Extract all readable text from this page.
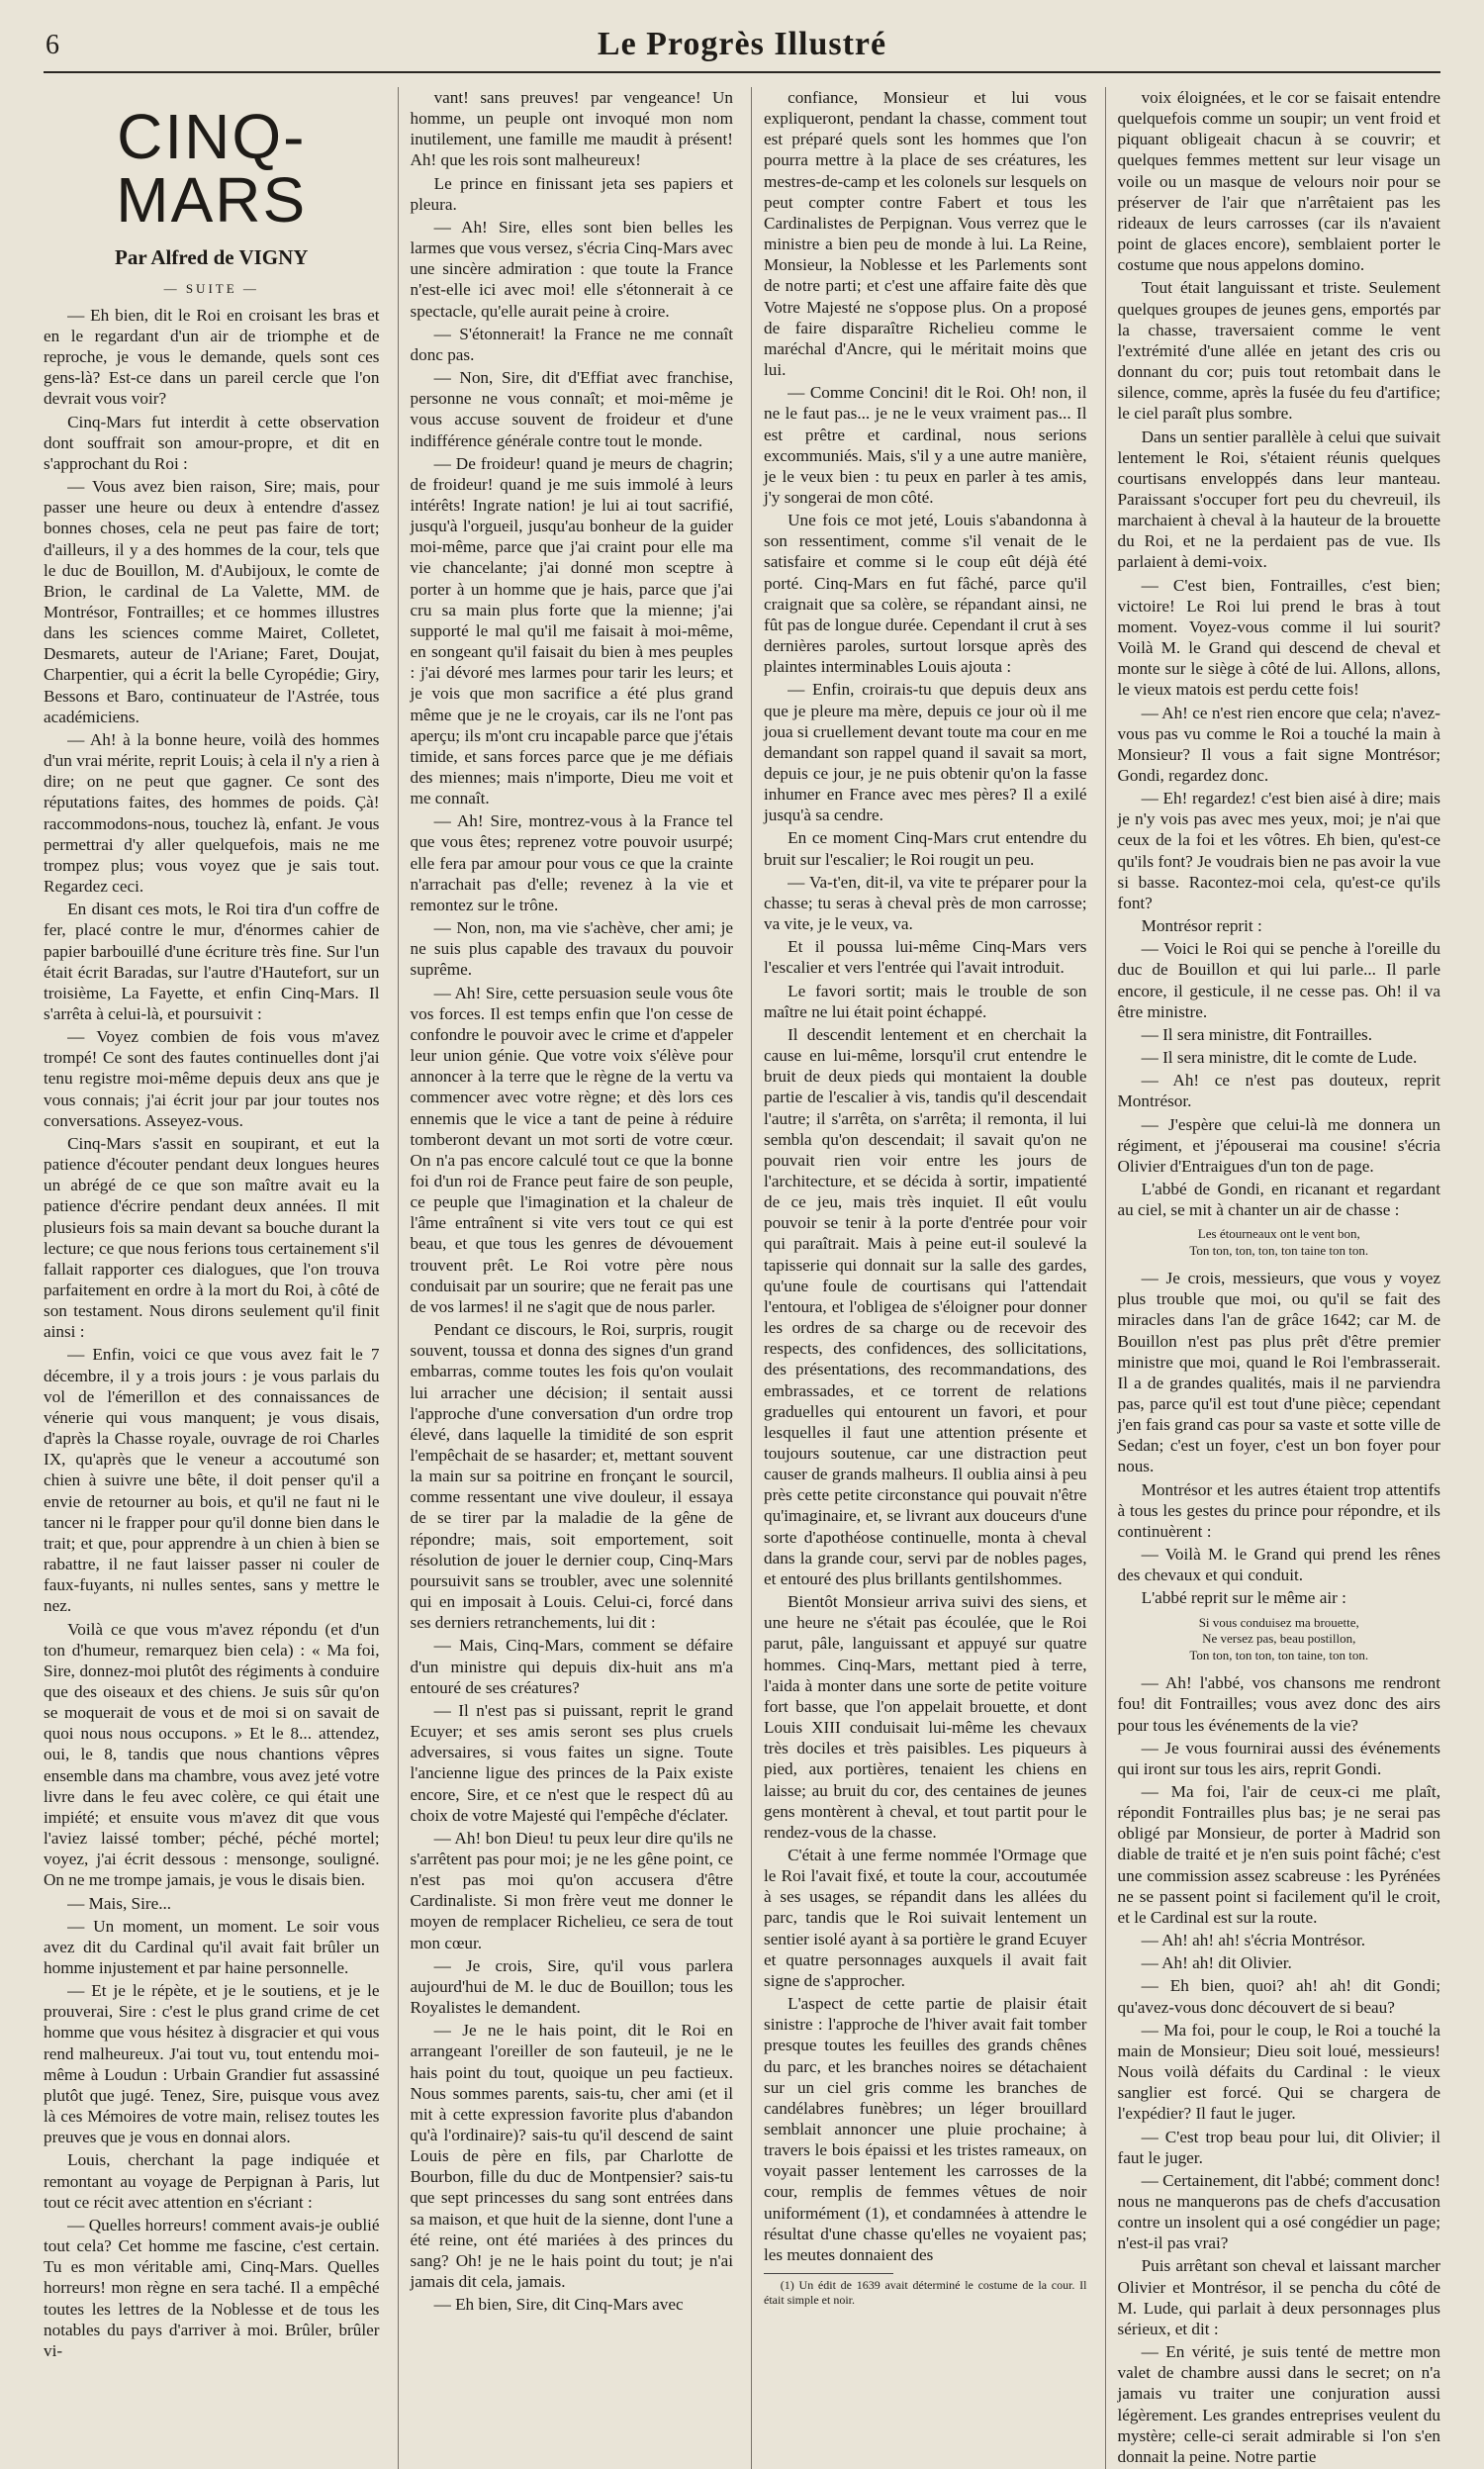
6	Le Progrès Illustré
CINQ-MARS
Par Alfred de VIGNY
— SUITE —

— Eh bien, dit le Roi en croisant les bras et en le regardant d'un air de triomphe et de reproche, je vous le demande, quels sont ces gens-là? Est-ce dans un pareil cercle que l'on devrait vous voir?

Cinq-Mars fut interdit à cette observation dont souffrait son amour-propre, et dit en s'approchant du Roi :

— Vous avez bien raison, Sire; mais, pour passer une heure ou deux à entendre d'assez bonnes choses, cela ne peut pas faire de tort; d'ailleurs, il y a des hommes de la cour, tels que le duc de Bouillon, M. d'Aubijoux, le comte de Brion, le cardinal de La Valette, MM. de Montrésor, Fontrailles; et ce hommes illustres dans les sciences comme Mairet, Colletet, Desmarets, auteur de l'Ariane; Faret, Doujat, Charpentier, qui a écrit la belle Cyropédie; Giry, Bessons et Baro, continuateur de l'Astrée, tous académiciens.

— Ah! à la bonne heure, voilà des hommes d'un vrai mérite, reprit Louis; à cela il n'y a rien à dire; on ne peut que gagner. Ce sont des réputations faites, des hommes de poids. Çà! raccommodons-nous, touchez là, enfant. Je vous permettrai d'y aller quelquefois, mais ne me trompez plus; vous voyez que je sais tout. Regardez ceci.

En disant ces mots, le Roi tira d'un coffre de fer, placé contre le mur, d'énormes cahier de papier barbouillé d'une écriture très fine. Sur l'un était écrit Baradas, sur l'autre d'Hautefort, sur un troisième, La Fayette, et enfin Cinq-Mars. Il s'arrêta à celui-là, et poursuivit :

— Voyez combien de fois vous m'avez trompé! Ce sont des fautes continuelles dont j'ai tenu registre moi-même depuis deux ans que je vous connais; j'ai écrit jour par jour toutes nos conversations. Asseyez-vous.

Cinq-Mars s'assit en soupirant, et eut la patience d'écouter pendant deux longues heures un abrégé de ce que son maître avait eu la patience d'écrire pendant deux années. Il mit plusieurs fois sa main devant sa bouche durant la lecture; ce que nous ferions tous certainement s'il fallait rapporter ces dialogues, que l'on trouva parfaitement en ordre à la mort du Roi, à côté de son testament. Nous dirons seulement qu'il finit ainsi :

— Enfin, voici ce que vous avez fait le 7 décembre, il y a trois jours : je vous parlais du vol de l'émerillon et des connaissances de vénerie qui vous manquent; je vous disais, d'après la Chasse royale, ouvrage de roi Charles IX, qu'après que le veneur a accoutumé son chien à suivre une bête, il doit penser qu'il a envie de retourner au bois, et qu'il ne faut ni le tancer ni le frapper pour qu'il donne bien dans le trait; et que, pour apprendre à un chien à bien se rabattre, il ne faut laisser passer ni couler de faux-fuyants, ni nulles sentes, sans y mettre le nez.

Voilà ce que vous m'avez répondu (et d'un ton d'humeur, remarquez bien cela) : « Ma foi, Sire, donnez-moi plutôt des régiments à conduire que des oiseaux et des chiens. Je suis sûr qu'on se moquerait de vous et de moi si on savait de quoi nous nous occupons. » Et le 8... attendez, oui, le 8, tandis que nous chantions vêpres ensemble dans ma chambre, vous avez jeté votre livre dans le feu avec colère, ce qui était une impiété; et ensuite vous m'avez dit que vous l'aviez laissé tomber; péché, péché mortel; voyez, j'ai écrit dessous : mensonge, souligné. On ne me trompe jamais, je vous le disais bien.

— Mais, Sire...

— Un moment, un moment. Le soir vous avez dit du Cardinal qu'il avait fait brûler un homme injustement et par haine personnelle.

— Et je le répète, et je le soutiens, et je le prouverai, Sire : c'est le plus grand crime de cet homme que vous hésitez à disgracier et qui vous rend malheureux. J'ai tout vu, tout entendu moi-même à Loudun : Urbain Grandier fut assassiné plutôt que jugé. Tenez, Sire, puisque vous avez là ces Mémoires de votre main, relisez toutes les preuves que je vous en donnai alors.

Louis, cherchant la page indiquée et remontant au voyage de Perpignan à Paris, lut tout ce récit avec attention en s'écriant :

— Quelles horreurs! comment avais-je oublié tout cela? Cet homme me fascine, c'est certain. Tu es mon véritable ami, Cinq-Mars. Quelles horreurs! mon règne en sera taché. Il a empêché toutes les lettres de la Noblesse et de tous les notables du pays d'arriver à moi. Brûler, brûler vi-

vant! sans preuves! par vengeance! Un homme, un peuple ont invoqué mon nom inutilement, une famille me maudit à présent! Ah! que les rois sont malheureux!

Le prince en finissant jeta ses papiers et pleura.

— Ah! Sire, elles sont bien belles les larmes que vous versez, s'écria Cinq-Mars avec une sincère admiration : que toute la France n'est-elle ici avec moi! elle s'étonnerait à ce spectacle, qu'elle aurait peine à croire.

— S'étonnerait! la France ne me connaît donc pas.

— Non, Sire, dit d'Effiat avec franchise, personne ne vous connaît; et moi-même je vous accuse souvent de froideur et d'une indifférence générale contre tout le monde.

— De froideur! quand je meurs de chagrin; de froideur! quand je me suis immolé à leurs intérêts! Ingrate nation! je lui ai tout sacrifié, jusqu'à l'orgueil, jusqu'au bonheur de la guider moi-même, parce que j'ai craint pour elle ma vie chancelante; j'ai donné mon sceptre à porter à un homme que je hais, parce que j'ai cru sa main plus forte que la mienne; j'ai supporté le mal qu'il me faisait à moi-même, en songeant qu'il faisait du bien à mes peuples : j'ai dévoré mes larmes pour tarir les leurs; et je vois que mon sacrifice a été plus grand même que je ne le croyais, car ils ne l'ont pas aperçu; ils m'ont cru incapable parce que j'étais timide, et sans forces parce que je me défiais des miennes; mais n'importe, Dieu me voit et me connaît.

— Ah! Sire, montrez-vous à la France tel que vous êtes; reprenez votre pouvoir usurpé; elle fera par amour pour vous ce que la crainte n'arrachait pas d'elle; revenez à la vie et remontez sur le trône.

— Non, non, ma vie s'achève, cher ami; je ne suis plus capable des travaux du pouvoir suprême.

— Ah! Sire, cette persuasion seule vous ôte vos forces. Il est temps enfin que l'on cesse de confondre le pouvoir avec le crime et d'appeler leur union génie. Que votre voix s'élève pour annoncer à la terre que le règne de la vertu va commencer avec votre règne; et dès lors ces ennemis que le vice a tant de peine à réduire tomberont devant un mot sorti de votre cœur. On n'a pas encore calculé tout ce que la bonne foi d'un roi de France peut faire de son peuple, ce peuple que l'imagination et la chaleur de l'âme entraînent si vite vers tout ce qui est beau, et que tous les genres de dévouement trouvent prêt. Le Roi votre père nous conduisait par un sourire; que ne ferait pas une de vos larmes! il ne s'agit que de nous parler.

Pendant ce discours, le Roi, surpris, rougit souvent, toussa et donna des signes d'un grand embarras, comme toutes les fois qu'on voulait lui arracher une décision; il sentait aussi l'approche d'une conversation d'un ordre trop élevé, dans laquelle la timidité de son esprit l'empêchait de se hasarder; et, mettant souvent la main sur sa poitrine en fronçant le sourcil, comme ressentant une vive douleur, il essaya de se tirer par la maladie de la gêne de répondre; mais, soit emportement, soit résolution de jouer le dernier coup, Cinq-Mars poursuivit sans se troubler, avec une solennité qui en imposait à Louis. Celui-ci, forcé dans ses derniers retranchements, lui dit :

— Mais, Cinq-Mars, comment se défaire d'un ministre qui depuis dix-huit ans m'a entouré de ses créatures?

— Il n'est pas si puissant, reprit le grand Ecuyer; et ses amis seront ses plus cruels adversaires, si vous faites un signe. Toute l'ancienne ligue des princes de la Paix existe encore, Sire, et ce n'est que le respect dû au choix de votre Majesté qui l'empêche d'éclater.

— Ah! bon Dieu! tu peux leur dire qu'ils ne s'arrêtent pas pour moi; je ne les gêne point, ce n'est pas moi qu'on accusera d'être Cardinaliste. Si mon frère veut me donner le moyen de remplacer Richelieu, ce sera de tout mon cœur.

— Je crois, Sire, qu'il vous parlera aujourd'hui de M. le duc de Bouillon; tous les Royalistes le demandent.

— Je ne le hais point, dit le Roi en arrangeant l'oreiller de son fauteuil, je ne le hais point du tout, quoique un peu factieux. Nous sommes parents, sais-tu, cher ami (et il mit à cette expression favorite plus d'abandon qu'à l'ordinaire)? sais-tu qu'il descend de saint Louis de père en fils, par Charlotte de Bourbon, fille du duc de Montpensier? sais-tu que sept princesses du sang sont entrées dans sa maison, et que huit de la sienne, dont l'une a été reine, ont été mariées à des princes du sang? Oh! je ne le hais point du tout; je n'ai jamais dit cela, jamais.

— Eh bien, Sire, dit Cinq-Mars avec

confiance, Monsieur et lui vous expliqueront, pendant la chasse, comment tout est préparé quels sont les hommes que l'on pourra mettre à la place de ses créatures, les mestres-de-camp et les colonels sur lesquels on peut compter contre Fabert et tous les Cardinalistes de Perpignan. Vous verrez que le ministre a bien peu de monde à lui. La Reine, Monsieur, la Noblesse et les Parlements sont de notre parti; et c'est une affaire faite dès que Votre Majesté ne s'oppose plus. On a proposé de faire disparaître Richelieu comme le maréchal d'Ancre, qui le méritait moins que lui.

— Comme Concini! dit le Roi. Oh! non, il ne le faut pas... je ne le veux vraiment pas... Il est prêtre et cardinal, nous serions excommuniés. Mais, s'il y a une autre manière, je le veux bien : tu peux en parler à tes amis, j'y songerai de mon côté.

Une fois ce mot jeté, Louis s'abandonna à son ressentiment, comme s'il venait de le satisfaire et comme si le coup eût déjà été porté. Cinq-Mars en fut fâché, parce qu'il craignait que sa colère, se répandant ainsi, ne fût pas de longue durée. Cependant il crut à ses dernières paroles, surtout lorsque après des plaintes interminables Louis ajouta :

— Enfin, croirais-tu que depuis deux ans que je pleure ma mère, depuis ce jour où il me joua si cruellement devant toute ma cour en me demandant son rappel quand il savait sa mort, depuis ce jour, je ne puis obtenir qu'on la fasse inhumer en France avec mes pères? Il a exilé jusqu'à sa cendre.

En ce moment Cinq-Mars crut entendre du bruit sur l'escalier; le Roi rougit un peu.

— Va-t'en, dit-il, va vite te préparer pour la chasse; tu seras à cheval près de mon carrosse; va vite, je le veux, va.

Et il poussa lui-même Cinq-Mars vers l'escalier et vers l'entrée qui l'avait introduit.

Le favori sortit; mais le trouble de son maître ne lui était point échappé.

Il descendit lentement et en cherchait la cause en lui-même, lorsqu'il crut entendre le bruit de deux pieds qui montaient la double partie de l'escalier à vis, tandis qu'il descendait l'autre; il s'arrêta, on s'arrêta; il remonta, il lui sembla qu'on descendait; il savait qu'on ne pouvait rien voir entre les jours de l'architecture, et se décida à sortir, impatienté de ce jeu, mais très inquiet. Il eût voulu pouvoir se tenir à la porte d'entrée pour voir qui paraîtrait. Mais à peine eut-il soulevé la tapisserie qui donnait sur la salle des gardes, qu'une foule de courtisans qui l'attendait l'entoura, et l'obligea de s'éloigner pour donner les ordres de sa charge ou de recevoir des respects, des confidences, des sollicitations, des présentations, des recommandations, des embrassades, et ce torrent de relations graduelles qui entourent un favori, et pour lesquelles il faut une attention présente et toujours soutenue, car une distraction peut causer de grands malheurs. Il oublia ainsi à peu près cette petite circonstance qui pouvait n'être qu'imaginaire, et, se livrant aux douceurs d'une sorte d'apothéose continuelle, monta à cheval dans la grande cour, servi par de nobles pages, et entouré des plus brillants gentilshommes.

Bientôt Monsieur arriva suivi des siens, et une heure ne s'était pas écoulée, que le Roi parut, pâle, languissant et appuyé sur quatre hommes. Cinq-Mars, mettant pied à terre, l'aida à monter dans une sorte de petite voiture fort basse, que l'on appelait brouette, et dont Louis XIII conduisait lui-même les chevaux très dociles et très paisibles. Les piqueurs à pied, aux portières, tenaient les chiens en laisse; au bruit du cor, des centaines de jeunes gens montèrent à cheval, et tout partit pour le rendez-vous de la chasse.

C'était à une ferme nommée l'Ormage que le Roi l'avait fixé, et toute la cour, accoutumée à ses usages, se répandit dans les allées du parc, tandis que le Roi suivait lentement un sentier isolé ayant à sa portière le grand Ecuyer et quatre personnages auxquels il avait fait signe de s'approcher.

L'aspect de cette partie de plaisir était sinistre : l'approche de l'hiver avait fait tomber presque toutes les feuilles des grands chênes du parc, et les branches noires se détachaient sur un ciel gris comme les branches de candélabres funèbres; un léger brouillard semblait annoncer une pluie prochaine; à travers le bois épaissi et les tristes rameaux, on voyait passer lentement les carrosses de la cour, remplis de femmes vêtues de noir uniformément (1), et condamnées à attendre le résultat d'une chasse qu'elles ne voyaient pas; les meutes donnaient des

(1) Un édit de 1639 avait déterminé le costume de la cour. Il était simple et noir.

voix éloignées, et le cor se faisait entendre quelquefois comme un soupir; un vent froid et piquant obligeait chacun à se couvrir; et quelques femmes mettent sur leur visage un voile ou un masque de velours noir pour se préserver de l'air que n'arrêtaient pas les rideaux de leurs carrosses (car ils n'avaient point de glaces encore), semblaient porter le costume que nous appelons domino.

Tout était languissant et triste. Seulement quelques groupes de jeunes gens, emportés par la chasse, traversaient comme le vent l'extrémité d'une allée en jetant des cris ou donnant du cor; puis tout retombait dans le silence, comme, après la fusée du feu d'artifice; le ciel paraît plus sombre.

Dans un sentier parallèle à celui que suivait lentement le Roi, s'étaient réunis quelques courtisans enveloppés dans leur manteau. Paraissant s'occuper fort peu du chevreuil, ils marchaient à cheval à la hauteur de la brouette du Roi, et ne la perdaient pas de vue. Ils parlaient à demi-voix.

— C'est bien, Fontrailles, c'est bien; victoire! Le Roi lui prend le bras à tout moment. Voyez-vous comme il lui sourit? Voilà M. le Grand qui descend de cheval et monte sur le siège à côté de lui. Allons, allons, le vieux matois est perdu cette fois!

— Ah! ce n'est rien encore que cela; n'avez-vous pas vu comme le Roi a touché la main à Monsieur? Il vous a fait signe Montrésor; Gondi, regardez donc.

— Eh! regardez! c'est bien aisé à dire; mais je n'y vois pas avec mes yeux, moi; je n'ai que ceux de la foi et les vôtres. Eh bien, qu'est-ce qu'ils font? Je voudrais bien ne pas avoir la vue si basse. Racontez-moi cela, qu'est-ce qu'ils font?

Montrésor reprit :

— Voici le Roi qui se penche à l'oreille du duc de Bouillon et qui lui parle... Il parle encore, il gesticule, il ne cesse pas. Oh! il va être ministre.

— Il sera ministre, dit Fontrailles.

— Il sera ministre, dit le comte de Lude.

— Ah! ce n'est pas douteux, reprit Montrésor.

— J'espère que celui-là me donnera un régiment, et j'épouserai ma cousine! s'écria Olivier d'Entraigues d'un ton de page.

L'abbé de Gondi, en ricanant et regardant au ciel, se mit à chanter un air de chasse :

Les étourneaux ont le vent bon,
Ton ton, ton, ton, ton taine ton ton.

— Je crois, messieurs, que vous y voyez plus trouble que moi, ou qu'il se fait des miracles dans l'an de grâce 1642; car M. de Bouillon n'est pas plus prêt d'être premier ministre que moi, quand le Roi l'embrasserait. Il a de grandes qualités, mais il ne parviendra pas, parce qu'il est tout d'une pièce; cependant j'en fais grand cas pour sa vaste et sotte ville de Sedan; c'est un foyer, c'est un bon foyer pour nous.

Montrésor et les autres étaient trop attentifs à tous les gestes du prince pour répondre, et ils continuèrent :

— Voilà M. le Grand qui prend les rênes des chevaux et qui conduit.

L'abbé reprit sur le même air :

Si vous conduisez ma brouette,
Ne versez pas, beau postillon,
Ton ton, ton ton, ton taine, ton ton.

— Ah! l'abbé, vos chansons me rendront fou! dit Fontrailles; vous avez donc des airs pour tous les événements de la vie?

— Je vous fournirai aussi des événements qui iront sur tous les airs, reprit Gondi.

— Ma foi, l'air de ceux-ci me plaît, répondit Fontrailles plus bas; je ne serai pas obligé par Monsieur, de porter à Madrid son diable de traité et je n'en suis point fâché; c'est une commission assez scabreuse : les Pyrénées ne se passent point si facilement qu'il le croit, et le Cardinal est sur la route.

— Ah! ah! ah! s'écria Montrésor.

— Ah! ah! dit Olivier.

— Eh bien, quoi? ah! ah! dit Gondi; qu'avez-vous donc découvert de si beau?

— Ma foi, pour le coup, le Roi a touché la main de Monsieur; Dieu soit loué, messieurs! Nous voilà défaits du Cardinal : le vieux sanglier est forcé. Qui se chargera de l'expédier? Il faut le juger.

— C'est trop beau pour lui, dit Olivier; il faut le juger.

— Certainement, dit l'abbé; comment donc! nous ne manquerons pas de chefs d'accusation contre un insolent qui a osé congédier un page; n'est-il pas vrai?

Puis arrêtant son cheval et laissant marcher Olivier et Montrésor, il se pencha du côté de M. Lude, qui parlait à deux personnages plus sérieux, et dit :

— En vérité, je suis tenté de mettre mon valet de chambre aussi dans le secret; on n'a jamais vu traiter une conjuration aussi légèrement. Les grandes entreprises veulent du mystère; celle-ci serait admirable si l'on s'en donnait la peine. Notre partie
